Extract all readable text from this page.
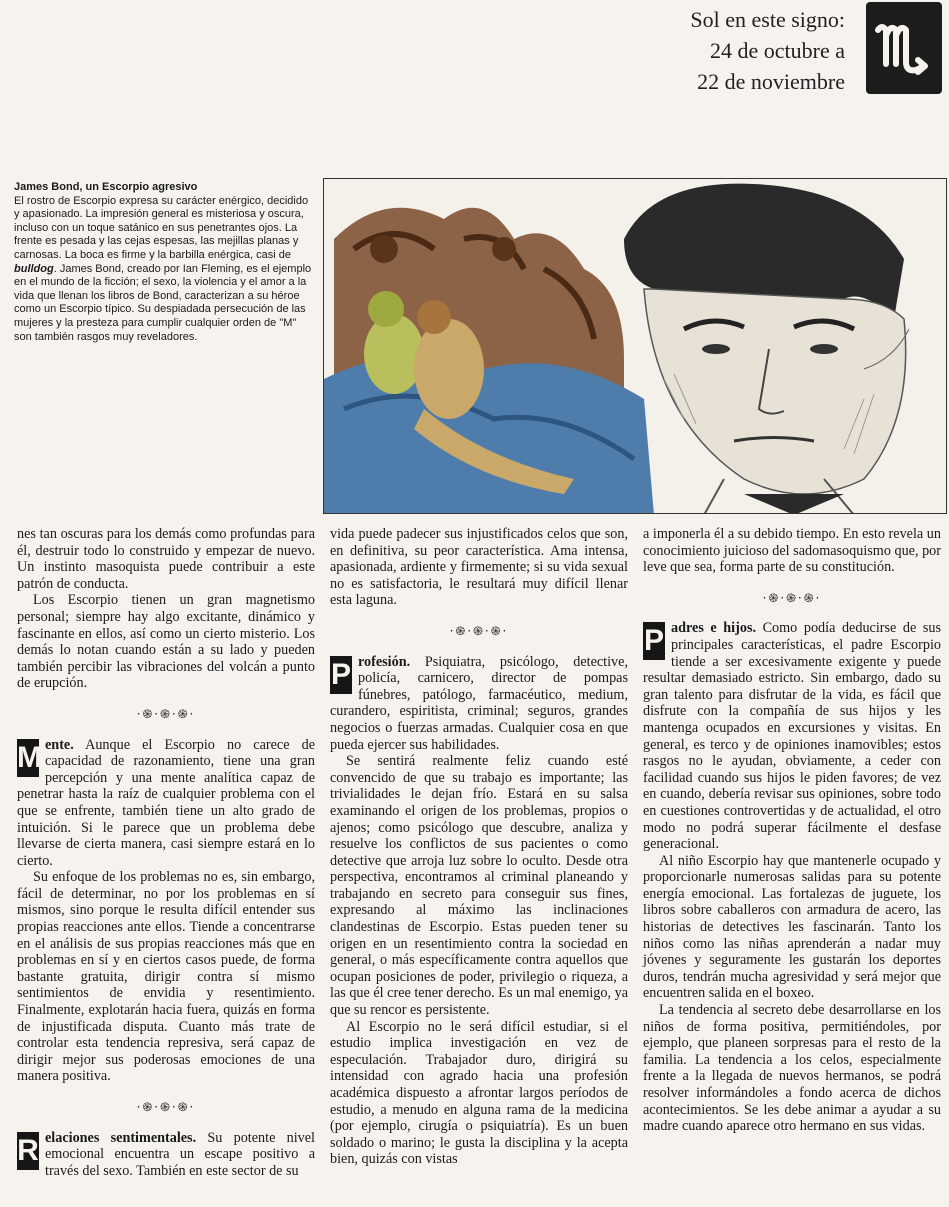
Sol en este signo:
24 de octubre a
22 de noviembre
James Bond, un Escorpio agresivo
El rostro de Escorpio expresa su carácter enérgico, decidido y apasionado. La impresión general es misteriosa y oscura, incluso con un toque satánico en sus penetrantes ojos. La frente es pesada y las cejas espesas, las mejillas planas y carnosas. La boca es firme y la barbilla enérgica, casi de bulldog. James Bond, creado por Ian Fleming, es el ejemplo en el mundo de la ficción; el sexo, la violencia y el amor a la vida que llenan los libros de Bond, caracterizan a su héroe como un Escorpio típico. Su despiadada persecución de las mujeres y la presteza para cumplir cualquier orden de "M" son también rasgos muy reveladores.

nes tan oscuras para los demás como profundas para él, destruir todo lo construido y empezar de nuevo. Un instinto masoquista puede contribuir a este patrón de conducta.

Los Escorpio tienen un gran magnetismo personal; siempre hay algo excitante, dinámico y fascinante en ellos, así como un cierto misterio. Los demás lo notan cuando están a su lado y pueden también percibir las vibraciones del volcán a punto de erupción.

·֍·֍·֍·

M ente. Aunque el Escorpio no carece de capacidad de razonamiento, tiene una gran percepción y una mente analítica capaz de penetrar hasta la raíz de cualquier problema con el que se enfrente, también tiene un alto grado de intuición. Si le parece que un problema debe llevarse de cierta manera, casi siempre estará en lo cierto.

Su enfoque de los problemas no es, sin embargo, fácil de determinar, no por los problemas en sí mismos, sino porque le resulta difícil entender sus propias reacciones ante ellos. Tiende a concentrarse en el análisis de sus propias reacciones más que en problemas en sí y en ciertos casos puede, de forma bastante gratuita, dirigir contra sí mismo sentimientos de envidia y resentimiento. Finalmente, explotarán hacia fuera, quizás en forma de injustificada disputa. Cuanto más trate de controlar esta tendencia represiva, será capaz de dirigir mejor sus poderosas emociones de una manera positiva.

·֍·֍·֍·

R elaciones sentimentales. Su potente nivel emocional encuentra un escape positivo a través del sexo. También en este sector de su

vida puede padecer sus injustificados celos que son, en definitiva, su peor característica. Ama intensa, apasionada, ardiente y firmemente; si su vida sexual no es satisfactoria, le resultará muy difícil llenar esta laguna.

·֍·֍·֍·

P rofesión. Psiquiatra, psicólogo, detective, policía, carnicero, director de pompas fúnebres, patólogo, farmacéutico, medium, curandero, espiritista, criminal; seguros, grandes negocios o fuerzas armadas. Cualquier cosa en que pueda ejercer sus habilidades.

Se sentirá realmente feliz cuando esté convencido de que su trabajo es importante; las trivialidades le dejan frío. Estará en su salsa examinando el origen de los problemas, propios o ajenos; como psicólogo que descubre, analiza y resuelve los conflictos de sus pacientes o como detective que arroja luz sobre lo oculto. Desde otra perspectiva, encontramos al criminal planeando y trabajando en secreto para conseguir sus fines, expresando al máximo las inclinaciones clandestinas de Escorpio. Estas pueden tener su origen en un resentimiento contra la sociedad en general, o más específicamente contra aquellos que ocupan posiciones de poder, privilegio o riqueza, a las que él cree tener derecho. Es un mal enemigo, ya que su rencor es persistente.

Al Escorpio no le será difícil estudiar, si el estudio implica investigación en vez de especulación. Trabajador duro, dirigirá su intensidad con agrado hacia una profesión académica dispuesto a afrontar largos períodos de estudio, a menudo en alguna rama de la medicina (por ejemplo, cirugía o psiquiatría). Es un buen soldado o marino; le gusta la disciplina y la acepta bien, quizás con vistas

a imponerla él a su debido tiempo. En esto revela un conocimiento juicioso del sadomasoquismo que, por leve que sea, forma parte de su constitución.

·֍·֍·֍·

P adres e hijos. Como podía deducirse de sus principales características, el padre Escorpio tiende a ser excesivamente exigente y puede resultar demasiado estricto. Sin embargo, dado su gran talento para disfrutar de la vida, es fácil que disfrute con la compañía de sus hijos y les mantenga ocupados en excursiones y visitas. En general, es terco y de opiniones inamovibles; estos rasgos no le ayudan, obviamente, a ceder con facilidad cuando sus hijos le piden favores; de vez en cuando, debería revisar sus opiniones, sobre todo en cuestiones controvertidas y de actualidad, el otro modo no podrá superar fácilmente el desfase generacional.

Al niño Escorpio hay que mantenerle ocupado y proporcionarle numerosas salidas para su potente energía emocional. Las fortalezas de juguete, los libros sobre caballeros con armadura de acero, las historias de detectives les fascinarán. Tanto los niños como las niñas aprenderán a nadar muy jóvenes y seguramente les gustarán los deportes duros, tendrán mucha agresividad y será mejor que encuentren salida en el boxeo.

La tendencia al secreto debe desarrollarse en los niños de forma positiva, permitiéndoles, por ejemplo, que planeen sorpresas para el resto de la familia. La tendencia a los celos, especialmente frente a la llegada de nuevos hermanos, se podrá resolver informándoles a fondo acerca de dichos acontecimientos. Se les debe animar a ayudar a su madre cuando aparece otro hermano en sus vidas.
